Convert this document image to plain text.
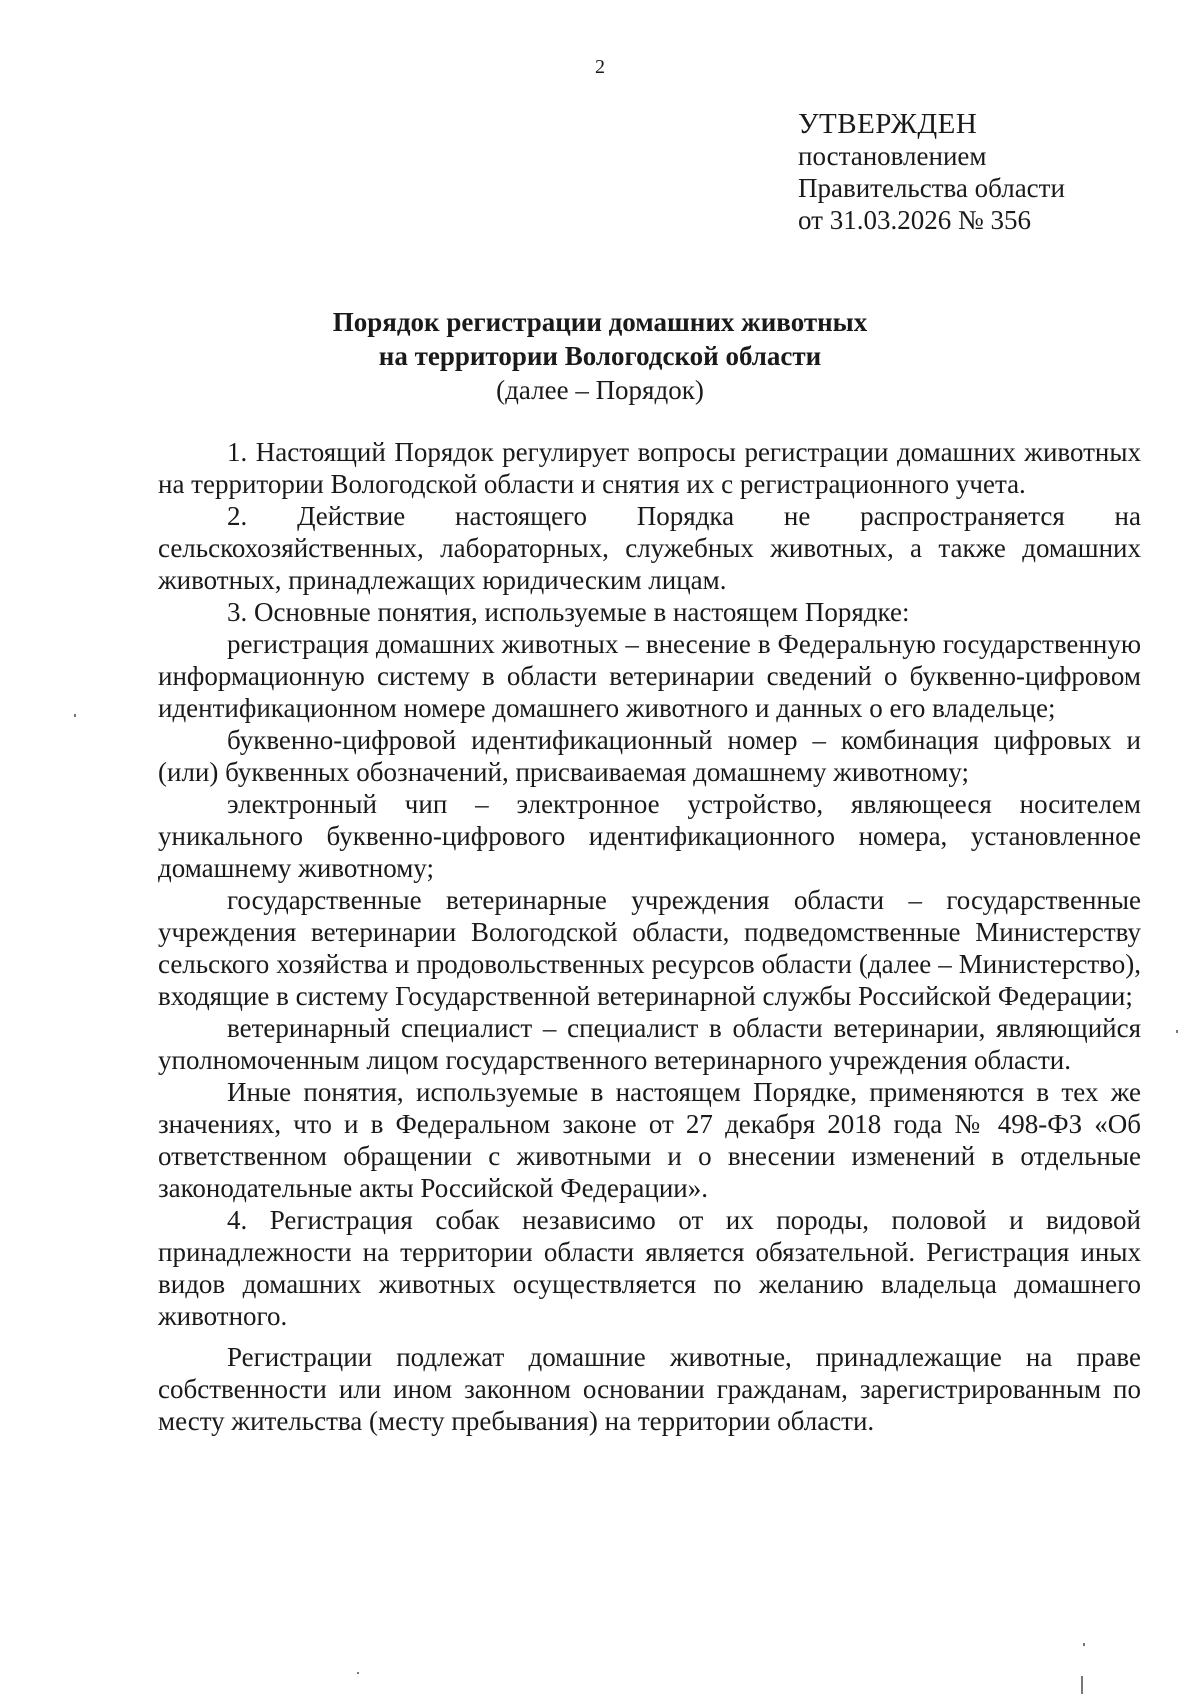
2
УТВЕРЖДЕН
постановлением
Правительства области
от 31.03.2026 № 356
Порядок регистрации домашних животных
на территории Вологодской области
(далее – Порядок)

1. Настоящий Порядок регулирует вопросы регистрации домашних животных на территории Вологодской области и снятия их с регистрационного учета.

2. Действие настоящего Порядка не распространяется на сельскохозяйственных, лабораторных, служебных животных, а также домашних животных, принадлежащих юридическим лицам.

3. Основные понятия, используемые в настоящем Порядке:

регистрация домашних животных – внесение в Федеральную государственную информационную систему в области ветеринарии сведений о буквенно-цифровом идентификационном номере домашнего животного и данных о его владельце;

буквенно-цифровой идентификационный номер – комбинация цифровых и (или) буквенных обозначений, присваиваемая домашнему животному;

электронный чип – электронное устройство, являющееся носителем уникального буквенно-цифрового идентификационного номера, установленное домашнему животному;

государственные ветеринарные учреждения области – государственные учреждения ветеринарии Вологодской области, подведомственные Министерству сельского хозяйства и продовольственных ресурсов области (далее – Министерство), входящие в систему Государственной ветеринарной службы Российской Федерации;

ветеринарный специалист – специалист в области ветеринарии, являющийся уполномоченным лицом государственного ветеринарного учреждения области.

Иные понятия, используемые в настоящем Порядке, применяются в тех же значениях, что и в Федеральном законе от 27 декабря 2018 года № 498-ФЗ «Об ответственном обращении с животными и о внесении изменений в отдельные законодательные акты Российской Федерации».

4. Регистрация собак независимо от их породы, половой и видовой принадлежности на территории области является обязательной. Регистрация иных видов домашних животных осуществляется по желанию владельца домашнего животного.

Регистрации подлежат домашние животные, принадлежащие на праве собственности или ином законном основании гражданам, зарегистрированным по месту жительства (месту пребывания) на территории области.
